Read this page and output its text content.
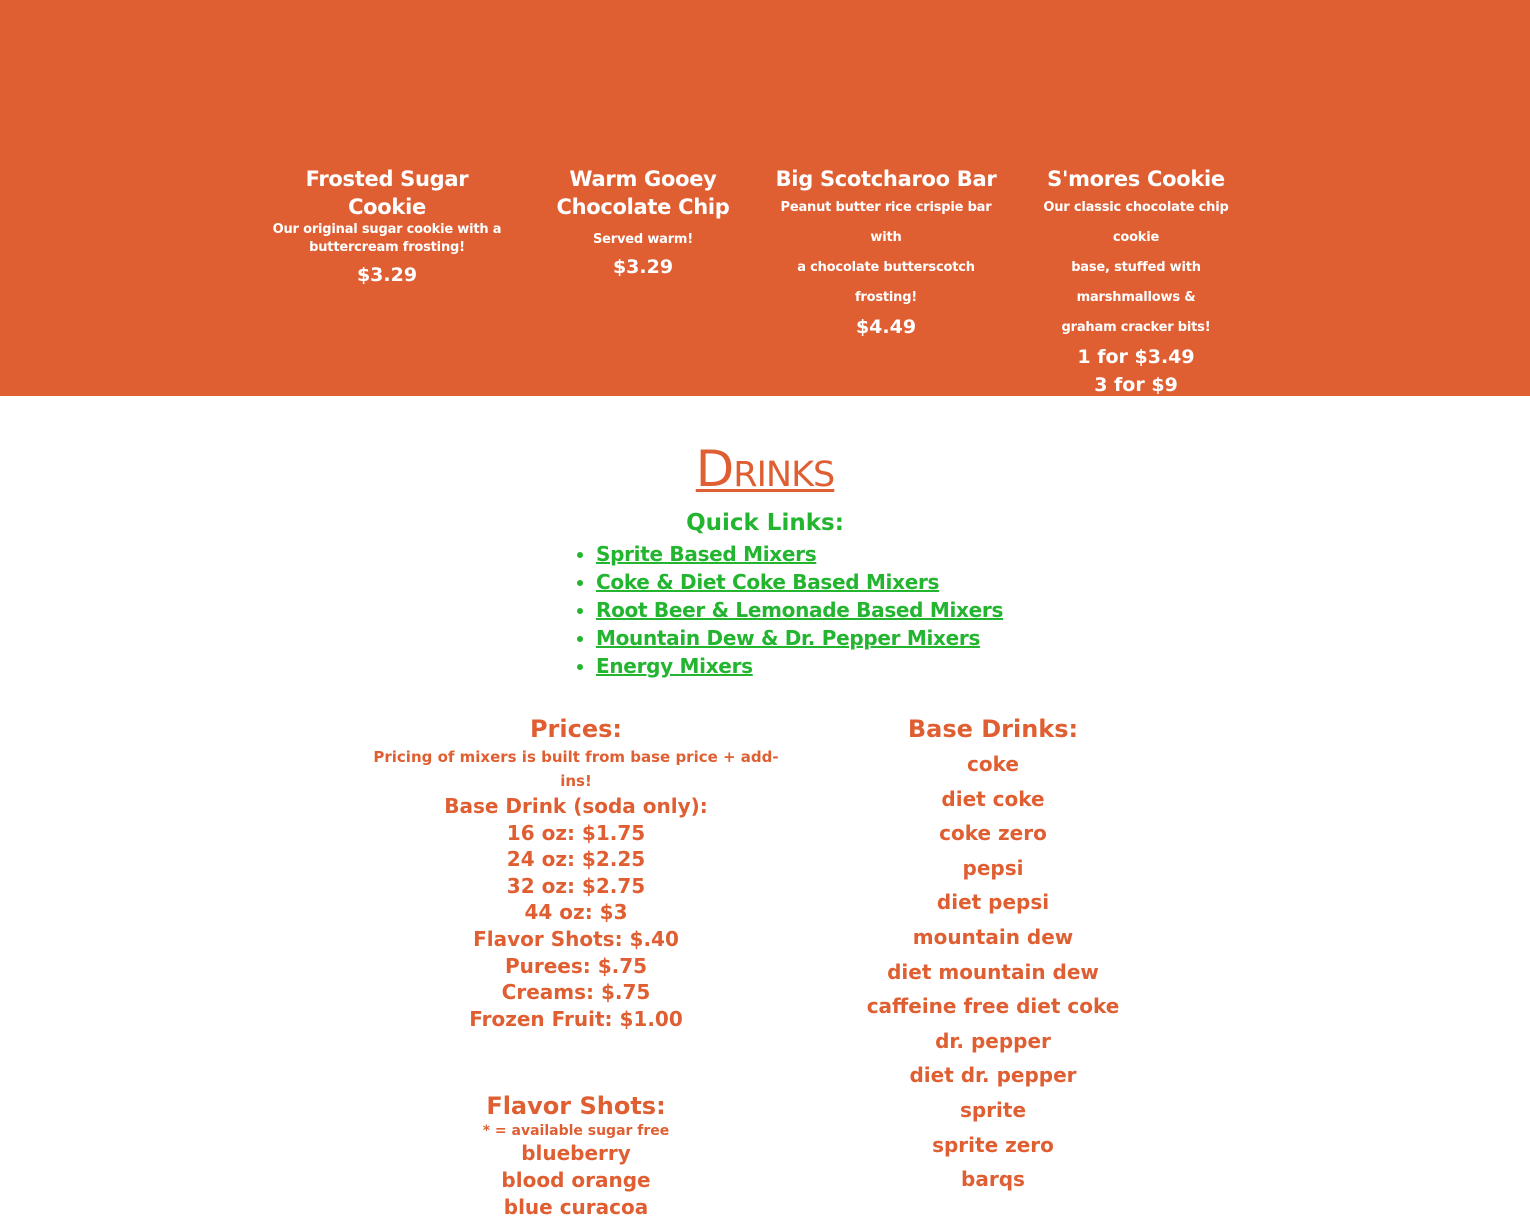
Frosted Sugar Cookie
Our original sugar cookie with a
buttercream frosting!
$3.29
Warm Gooey
Chocolate Chip
Served warm!
$3.29
Big Scotcharoo Bar
Peanut butter rice crispie bar with
a chocolate butterscotch frosting!
$4.49
S'mores Cookie
Our classic chocolate chip cookie
base, stuffed with marshmallows &
graham cracker bits!
1 for $3.49
3 for $9
Drinks
Quick Links:
• Sprite Based Mixers
• Coke & Diet Coke Based Mixers
• Root Beer & Lemonade Based Mixers
• Mountain Dew & Dr. Pepper Mixers
• Energy Mixers
Prices:
Pricing of mixers is built from base price + add-ins!
Base Drink (soda only):
16 oz: $1.75
24 oz: $2.25
32 oz: $2.75
44 oz: $3
Flavor Shots: $.40
Purees: $.75
Creams: $.75
Frozen Fruit: $1.00
Flavor Shots:
* = available sugar free
blueberry
blood orange
blue curacoa
Base Drinks:
coke
diet coke
coke zero
pepsi
diet pepsi
mountain dew
diet mountain dew
caffeine free diet coke
dr. pepper
diet dr. pepper
sprite
sprite zero
barqs
